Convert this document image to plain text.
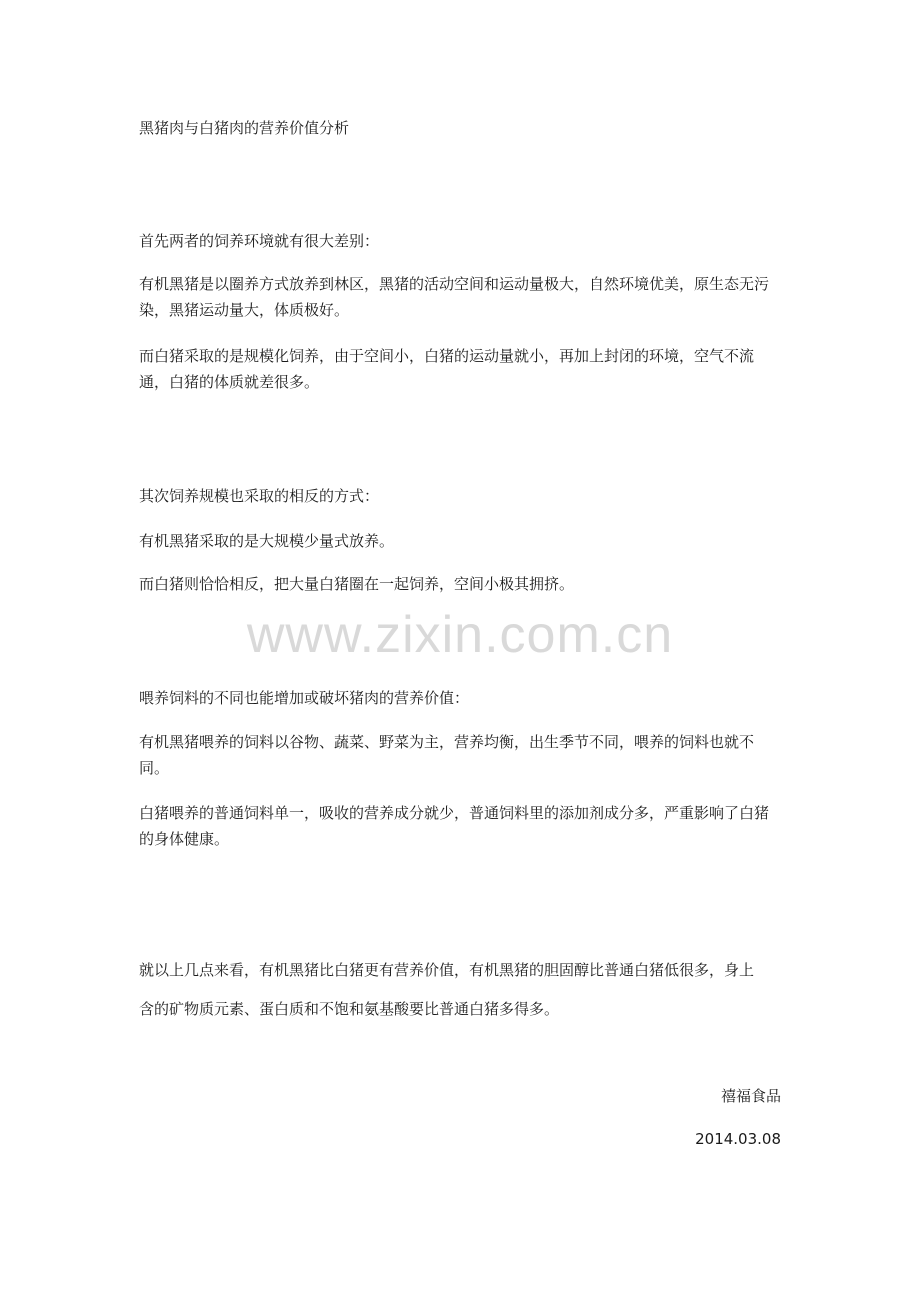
黑猪肉与白猪肉的营养价值分析
首先两者的饲养环境就有很大差别：
有机黑猪是以圈养方式放养到林区，黑猪的活动空间和运动量极大，自然环境优美，原生态无污染，黑猪运动量大，体质极好。
而白猪采取的是规模化饲养，由于空间小，白猪的运动量就小，再加上封闭的环境，空气不流通，白猪的体质就差很多。
其次饲养规模也采取的相反的方式：
有机黑猪采取的是大规模少量式放养。
而白猪则恰恰相反，把大量白猪圈在一起饲养，空间小极其拥挤。
www.zixin.com.cn
喂养饲料的不同也能增加或破坏猪肉的营养价值：
有机黑猪喂养的饲料以谷物、蔬菜、野菜为主，营养均衡，出生季节不同，喂养的饲料也就不同。
白猪喂养的普通饲料单一，吸收的营养成分就少，普通饲料里的添加剂成分多，严重影响了白猪的身体健康。
就以上几点来看，有机黑猪比白猪更有营养价值，有机黑猪的胆固醇比普通白猪低很多，身上
含的矿物质元素、蛋白质和不饱和氨基酸要比普通白猪多得多。
禧福食品
2014.03.08
